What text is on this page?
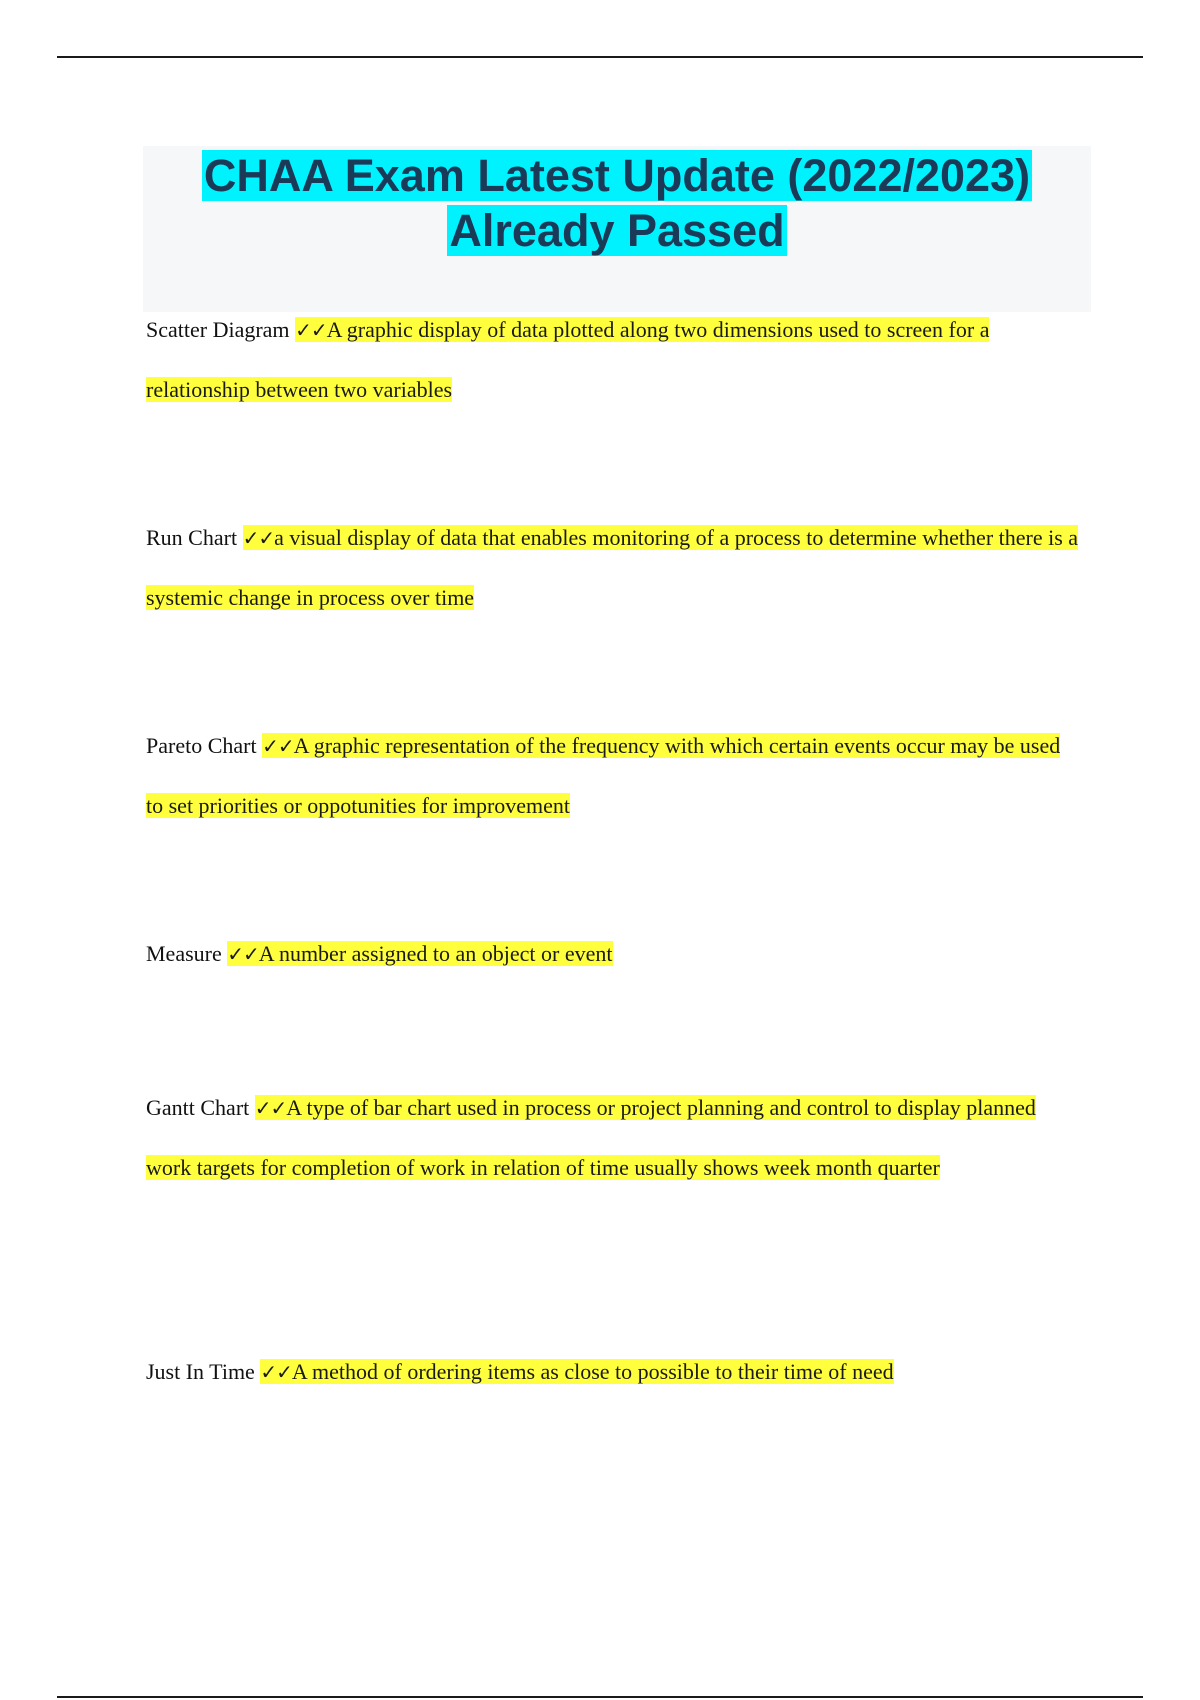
CHAA Exam Latest Update (2022/2023)
Already Passed

Scatter Diagram ✓✓A graphic display of data plotted along two dimensions used to screen for a relationship between two variables

Run Chart ✓✓a visual display of data that enables monitoring of a process to determine whether there is a systemic change in process over time

Pareto Chart ✓✓A graphic representation of the frequency with which certain events occur may be used to set priorities or oppotunities for improvement

Measure ✓✓A number assigned to an object or event

Gantt Chart ✓✓A type of bar chart used in process or project planning and control to display planned work targets for completion of work in relation of time usually shows week month quarter

Just In Time ✓✓A method of ordering items as close to possible to their time of need
